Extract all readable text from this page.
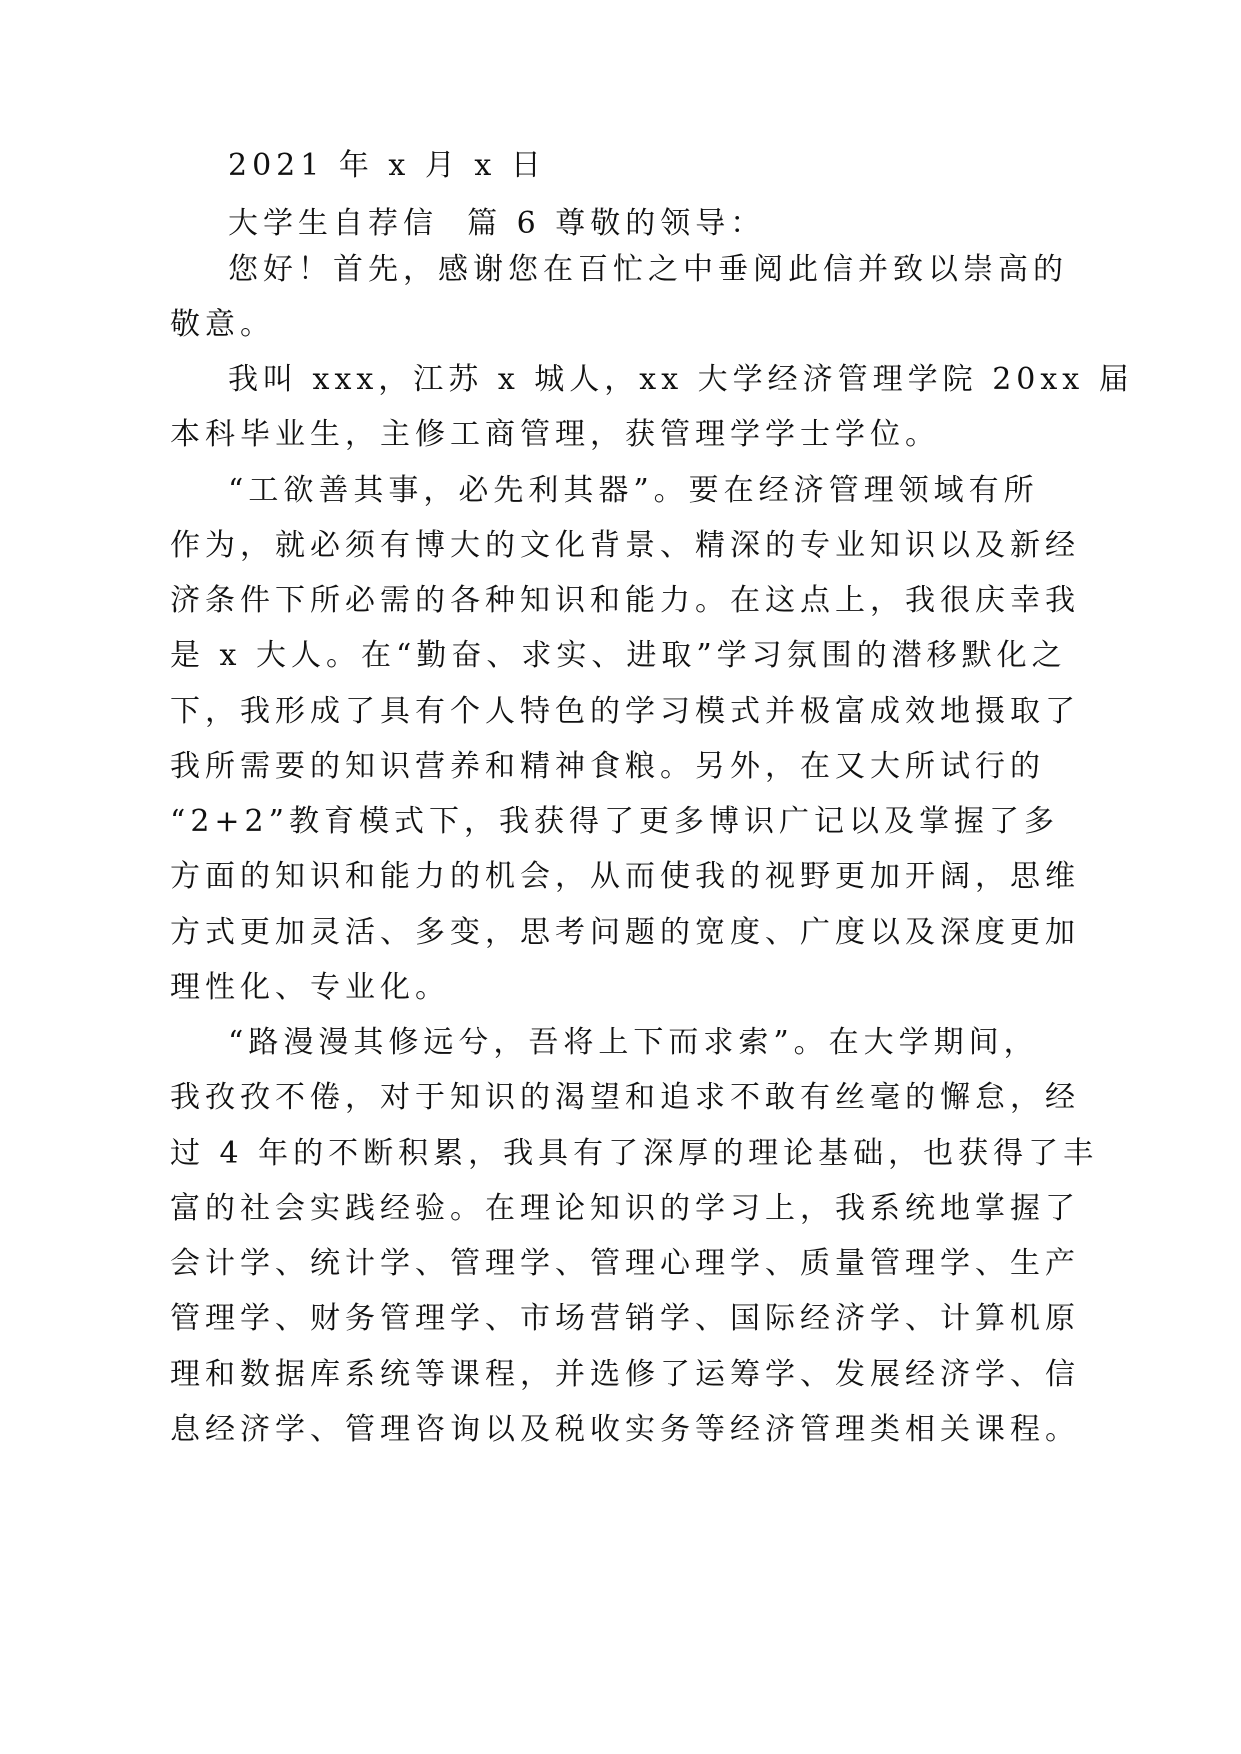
2021 年 x 月 x 日

大学生自荐信  篇 6 尊敬的领导：

您好！首先，感谢您在百忙之中垂阅此信并致以崇高的

敬意。

我叫 xxx，江苏 x 城人，xx 大学经济管理学院 20xx 届

本科毕业生，主修工商管理，获管理学学士学位。

“工欲善其事，必先利其器”。要在经济管理领域有所

作为，就必须有博大的文化背景、精深的专业知识以及新经

济条件下所必需的各种知识和能力。在这点上，我很庆幸我

是 x 大人。在“勤奋、求实、进取”学习氛围的潜移默化之

下，我形成了具有个人特色的学习模式并极富成效地摄取了

我所需要的知识营养和精神食粮。另外，在又大所试行的

“2+2”教育模式下，我获得了更多博识广记以及掌握了多

方面的知识和能力的机会，从而使我的视野更加开阔，思维

方式更加灵活、多变，思考问题的宽度、广度以及深度更加

理性化、专业化。

“路漫漫其修远兮，吾将上下而求索”。在大学期间，

我孜孜不倦，对于知识的渴望和追求不敢有丝毫的懈怠，经

过 4 年的不断积累，我具有了深厚的理论基础，也获得了丰

富的社会实践经验。在理论知识的学习上，我系统地掌握了

会计学、统计学、管理学、管理心理学、质量管理学、生产

管理学、财务管理学、市场营销学、国际经济学、计算机原

理和数据库系统等课程，并选修了运筹学、发展经济学、信

息经济学、管理咨询以及税收实务等经济管理类相关课程。
